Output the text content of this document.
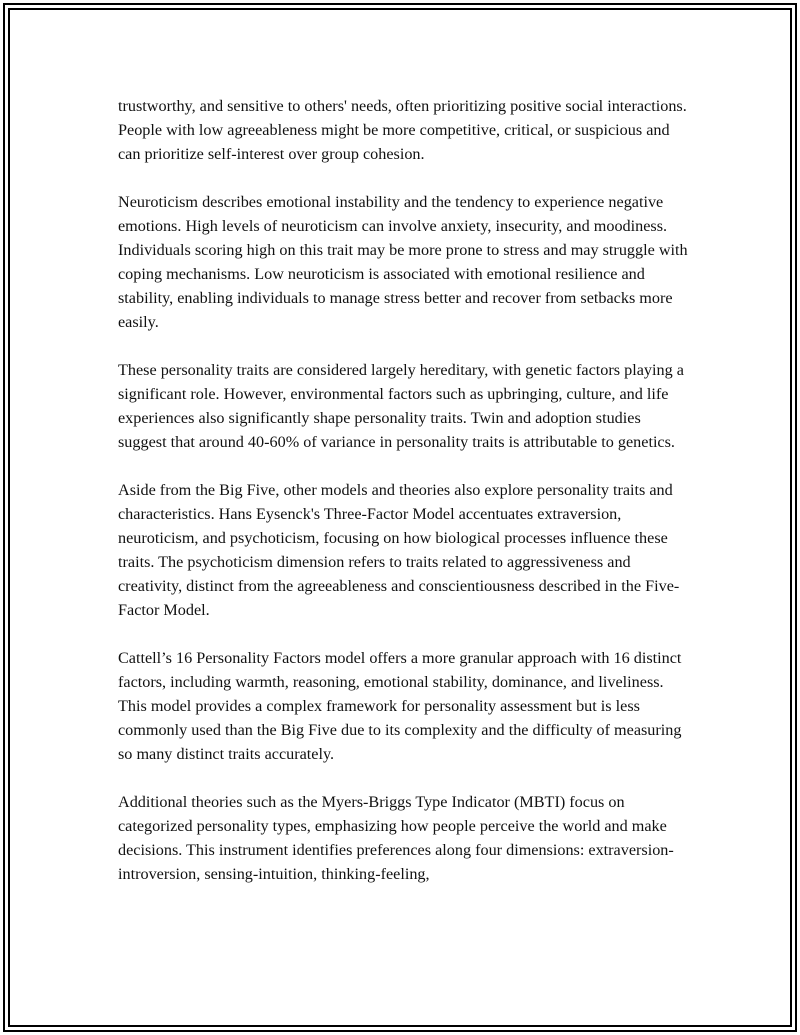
trustworthy, and sensitive to others' needs, often prioritizing positive social interactions. People with low agreeableness might be more competitive, critical, or suspicious and can prioritize self-interest over group cohesion.

Neuroticism describes emotional instability and the tendency to experience negative emotions. High levels of neuroticism can involve anxiety, insecurity, and moodiness. Individuals scoring high on this trait may be more prone to stress and may struggle with coping mechanisms. Low neuroticism is associated with emotional resilience and stability, enabling individuals to manage stress better and recover from setbacks more easily.

These personality traits are considered largely hereditary, with genetic factors playing a significant role. However, environmental factors such as upbringing, culture, and life experiences also significantly shape personality traits. Twin and adoption studies suggest that around 40-60% of variance in personality traits is attributable to genetics.

Aside from the Big Five, other models and theories also explore personality traits and characteristics. Hans Eysenck's Three-Factor Model accentuates extraversion, neuroticism, and psychoticism, focusing on how biological processes influence these traits. The psychoticism dimension refers to traits related to aggressiveness and creativity, distinct from the agreeableness and conscientiousness described in the Five-Factor Model.

Cattell’s 16 Personality Factors model offers a more granular approach with 16 distinct factors, including warmth, reasoning, emotional stability, dominance, and liveliness. This model provides a complex framework for personality assessment but is less commonly used than the Big Five due to its complexity and the difficulty of measuring so many distinct traits accurately.

Additional theories such as the Myers-Briggs Type Indicator (MBTI) focus on categorized personality types, emphasizing how people perceive the world and make decisions. This instrument identifies preferences along four dimensions: extraversion-introversion, sensing-intuition, thinking-feeling,
